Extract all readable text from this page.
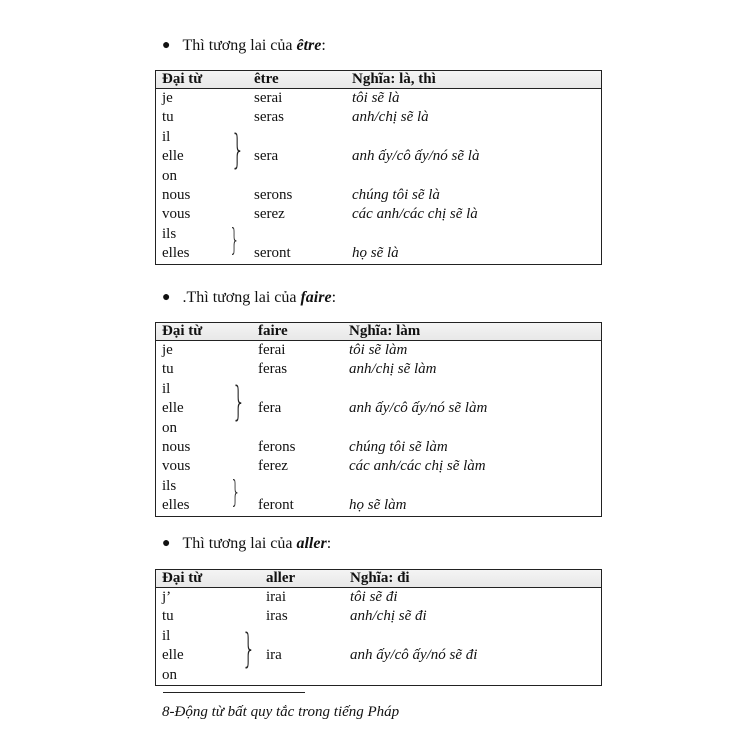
● Thì tương lai của être:
Đại từ	être	Nghĩa: là, thì
je	serai	tôi sẽ là
tu	seras	anh/chị sẽ là
il
elle	sera	anh ấy/cô ấy/nó sẽ là
on
nous	serons	chúng tôi sẽ là
vous	serez	các anh/các chị sẽ là
ils
elles	seront	họ sẽ là
}
}
● .Thì tương lai của faire:
Đại từ	faire	Nghĩa: làm
je	ferai	tôi sẽ làm
tu	feras	anh/chị sẽ làm
il
elle	fera	anh ấy/cô ấy/nó sẽ làm
on
nous	ferons	chúng tôi sẽ làm
vous	ferez	các anh/các chị sẽ làm
ils
elles	feront	họ sẽ làm
}
}
● Thì tương lai của aller:
Đại từ	aller	Nghĩa: đi
j’	irai	tôi sẽ đi
tu	iras	anh/chị sẽ đi
il
elle	ira	anh ấy/cô ấy/nó sẽ đi
on
}
8-Động từ bất quy tắc trong tiếng Pháp
